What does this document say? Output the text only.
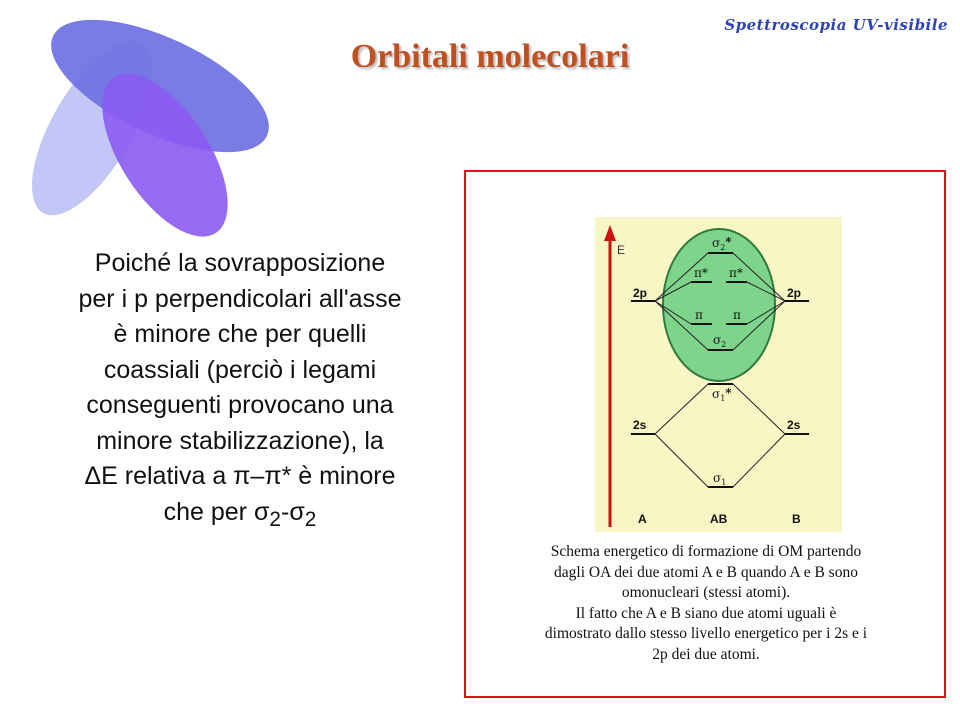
Spettroscopia UV-visibile
Orbitali molecolari
Poiché la sovrapposizione
per i p perpendicolari all'asse
è minore che per quelli
coassiali (perciò i legami
conseguenti provocano una
minore stabilizzazione), la
ΔE relativa a π–π* è minore
che per $\sigma_2-\sigma_2$
E
2p	2p
2s	2s
A	AB	B
$\sigma_2*$
π* π*
π	π
$\sigma_2$
$\sigma_1*$
$\sigma_1$
Schema energetico di formazione di OM partendo
dagli OA dei due atomi A e B quando A e B sono
omonucleari (stessi atomi).
Il fatto che A e B siano due atomi uguali è
dimostrato dallo stesso livello energetico per i 2s e i
2p dei due atomi.
